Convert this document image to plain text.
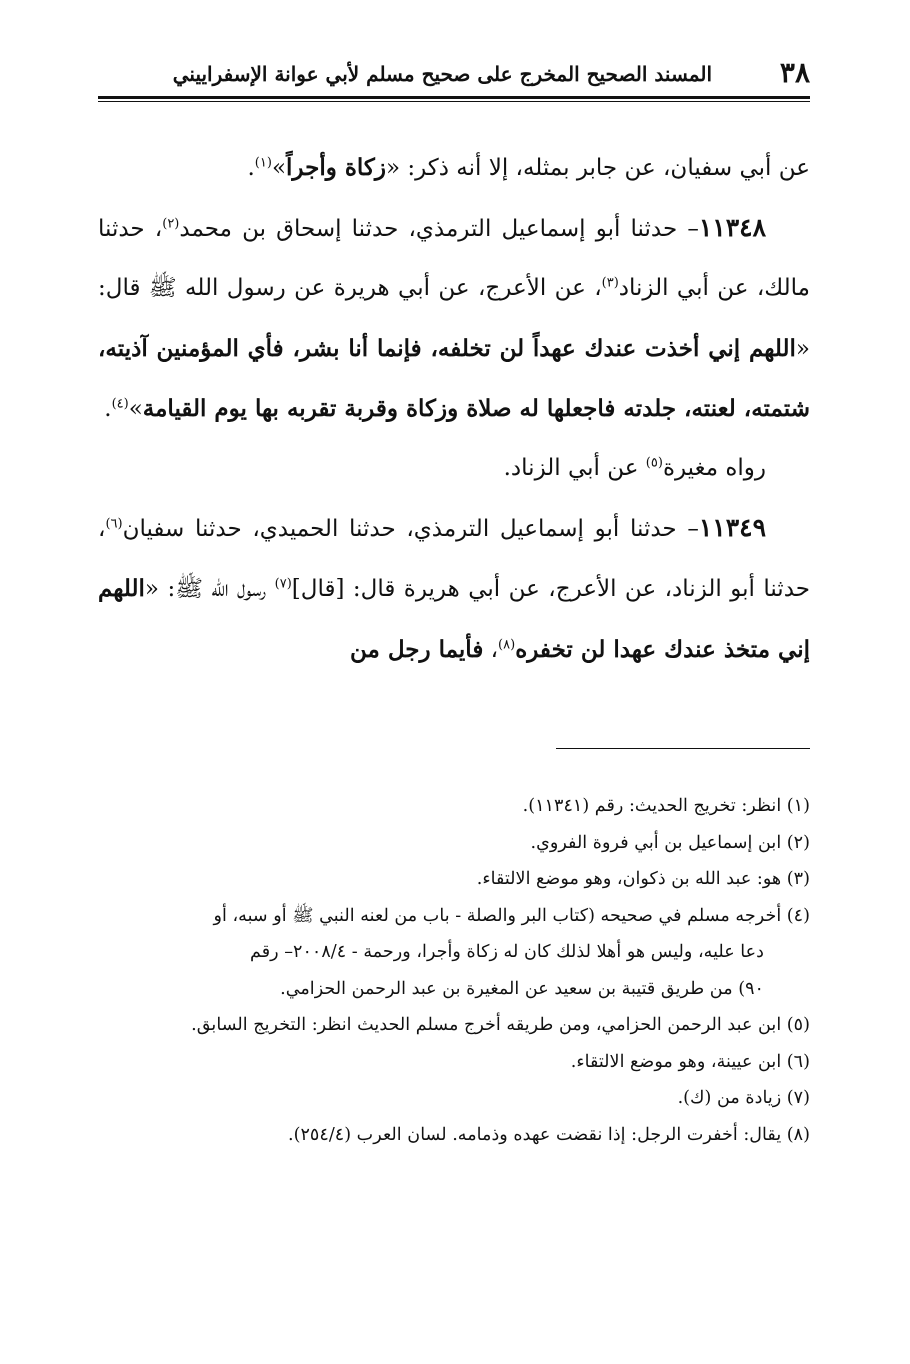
٣٨
المسند الصحيح المخرج على صحيح مسلم لأبي عوانة الإسفراييني

عن أبي سفيان، عن جابر بمثله، إلا أنه ذكر: «زكاة وأجراً»$^{(١)}$.

١١٣٤٨– حدثنا أبو إسماعيل الترمذي، حدثنا إسحاق بن محمد$^{(٢)}$، حدثنا مالك، عن أبي الزناد$^{(٣)}$، عن الأعرج، عن أبي هريرة عن رسول الله ﷺ قال: «اللهم إني أخذت عندك عهداً لن تخلفه، فإنما أنا بشر، فأي المؤمنين آذيته، شتمته، لعنته، جلدته فاجعلها له صلاة وزكاة وقربة تقربه بها يوم القيامة»$^{(٤)}$.

رواه مغيرة$^{(٥)}$ عن أبي الزناد.

١١٣٤٩– حدثنا أبو إسماعيل الترمذي، حدثنا الحميدي، حدثنا سفيان$^{(٦)}$، حدثنا أبو الزناد، عن الأعرج، عن أبي هريرة قال: [قال]$^{(٧)}$ رسول الله ﷺ: «اللهم إني متخذ عندك عهدا لن تخفره$^{(٨)}$، فأيما رجل من

(١) انظر: تخريج الحديث: رقم (١١٣٤١).

(٢) ابن إسماعيل بن أبي فروة الفروي.

(٣) هو: عبد الله بن ذكوان، وهو موضع الالتقاء.

(٤) أخرجه مسلم في صحيحه (كتاب البر والصلة - باب من لعنه النبي ﷺ أو سبه، أو

دعا عليه، وليس هو أهلا لذلك كان له زكاة وأجرا، ورحمة - ٢٠٠٨/٤– رقم

٩٠) من طريق قتيبة بن سعيد عن المغيرة بن عبد الرحمن الحزامي.

(٥) ابن عبد الرحمن الحزامي، ومن طريقه أخرج مسلم الحديث انظر: التخريج السابق.

(٦) ابن عيينة، وهو موضع الالتقاء.

(٧) زيادة من (ك).

(٨) يقال: أخفرت الرجل: إذا نقضت عهده وذمامه. لسان العرب (٢٥٤/٤).
